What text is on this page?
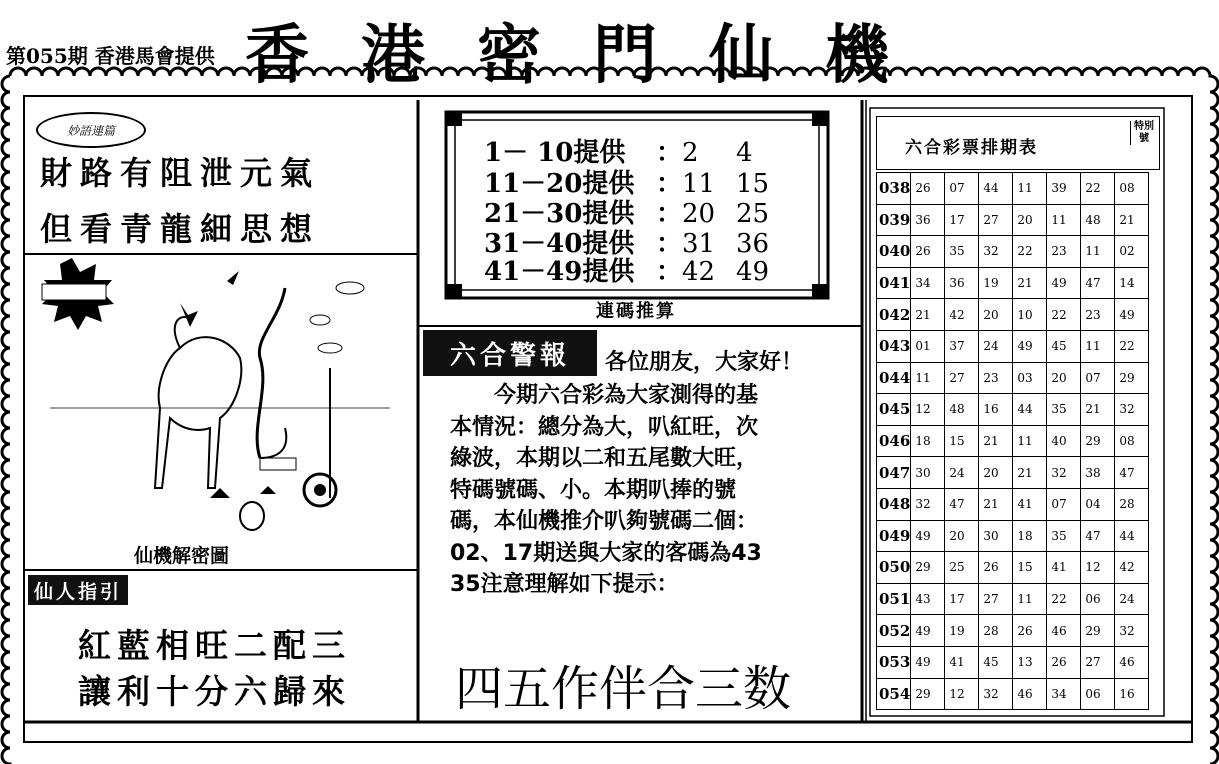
第055期 香港馬會提供 香港密門仙機
妙語連篇
財路有阻泄元氣
但看青龍細思想
仙機解密圖
仙人指引
紅藍相旺二配三
讓利十分六歸來
1－ 10提供 ：2 4
11－20提供 ：11 15
21－30提供 ：20 25
31－40提供 ：31 36
41－49提供 ：42 49
連碼推算
六合警報	各位朋友，大家好！
　　今期六合彩為大家測得的基
本情況：總分為大，叭紅旺，次
綠波，本期以二和五尾數大旺，
特碼號碼、小。本期叭捧的號
碼，本仙機推介叭夠號碼二個：
02、17期送與大家的客碼為43
35注意理解如下提示：
四五作伴合三数
六合彩票排期表
特別號
038	26	07	44	11	39	22	08
039	36	17	27	20	11	48	21
040	26	35	32	22	23	11	02
041	34	36	19	21	49	47	14
042	21	42	20	10	22	23	49
043	01	37	24	49	45	11	22
044	11	27	23	03	20	07	29
045	12	48	16	44	35	21	32
046	18	15	21	11	40	29	08
047	30	24	20	21	32	38	47
048	32	47	21	41	07	04	28
049	49	20	30	18	35	47	44
050	29	25	26	15	41	12	42
051	43	17	27	11	22	06	24
052	49	19	28	26	46	29	32
053	49	41	45	13	26	27	46
054	29	12	32	46	34	06	16
